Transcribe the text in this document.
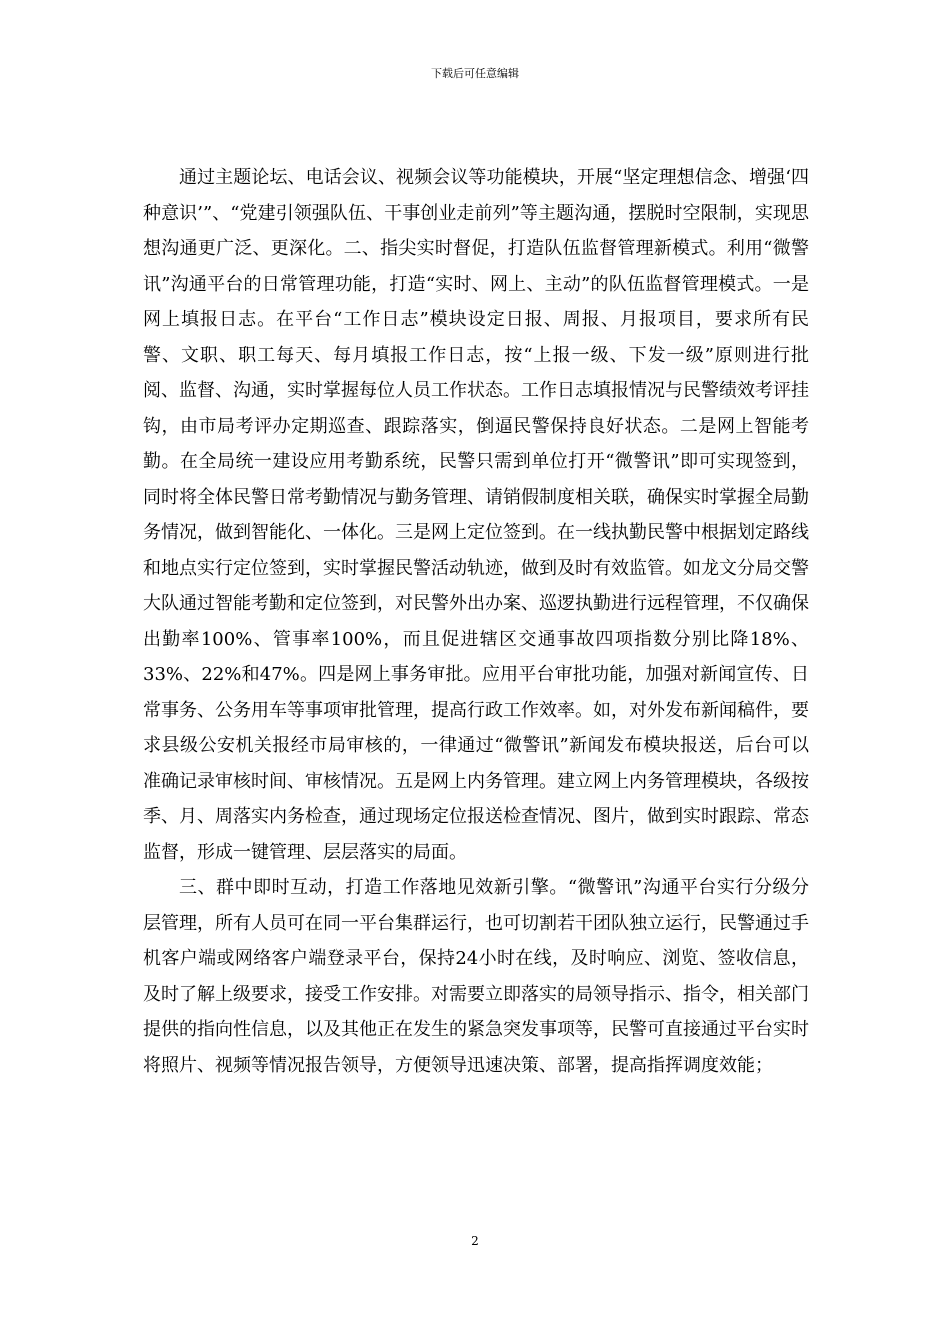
下载后可任意编辑

通过主题论坛、电话会议、视频会议等功能模块，开展“坚定理想信念、增强‘四种意识’”、“党建引领强队伍、干事创业走前列”等主题沟通，摆脱时空限制，实现思想沟通更广泛、更深化。二、指尖实时督促，打造队伍监督管理新模式。利用“微警讯”沟通平台的日常管理功能，打造“实时、网上、主动”的队伍监督管理模式。一是网上填报日志。在平台“工作日志”模块设定日报、周报、月报项目，要求所有民警、文职、职工每天、每月填报工作日志，按“上报一级、下发一级”原则进行批阅、监督、沟通，实时掌握每位人员工作状态。工作日志填报情况与民警绩效考评挂钩，由市局考评办定期巡查、跟踪落实，倒逼民警保持良好状态。二是网上智能考勤。在全局统一建设应用考勤系统，民警只需到单位打开“微警讯”即可实现签到，同时将全体民警日常考勤情况与勤务管理、请销假制度相关联，确保实时掌握全局勤务情况，做到智能化、一体化。三是网上定位签到。在一线执勤民警中根据划定路线和地点实行定位签到，实时掌握民警活动轨迹，做到及时有效监管。如龙文分局交警大队通过智能考勤和定位签到，对民警外出办案、巡逻执勤进行远程管理，不仅确保出勤率100%、管事率100%，而且促进辖区交通事故四项指数分别比降18%、33%、22%和47%。四是网上事务审批。应用平台审批功能，加强对新闻宣传、日常事务、公务用车等事项审批管理，提高行政工作效率。如，对外发布新闻稿件，要求县级公安机关报经市局审核的，一律通过“微警讯”新闻发布模块报送，后台可以准确记录审核时间、审核情况。五是网上内务管理。建立网上内务管理模块，各级按季、月、周落实内务检查，通过现场定位报送检查情况、图片，做到实时跟踪、常态监督，形成一键管理、层层落实的局面。

三、群中即时互动，打造工作落地见效新引擎。“微警讯”沟通平台实行分级分层管理，所有人员可在同一平台集群运行，也可切割若干团队独立运行，民警通过手机客户端或网络客户端登录平台，保持24小时在线，及时响应、浏览、签收信息，及时了解上级要求，接受工作安排。对需要立即落实的局领导指示、指令，相关部门提供的指向性信息，以及其他正在发生的紧急突发事项等，民警可直接通过平台实时将照片、视频等情况报告领导，方便领导迅速决策、部署，提高指挥调度效能；

2
